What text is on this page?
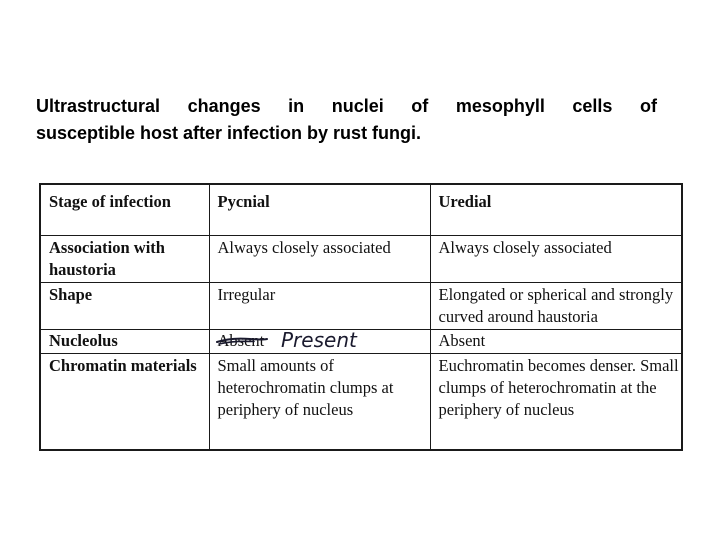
Ultrastructural changes in nuclei of mesophyll cells of
susceptible host after infection by rust fungi.
Stage of infection	Pycnial	Uredial
Association with haustoria	Always closely associated	Always closely associated
Shape	Irregular	Elongated or spherical and strongly curved around haustoria
Nucleolus	Absent Present	Absent
Chromatin materials	Small amounts of heterochromatin clumps at periphery of nucleus	Euchromatin becomes denser. Small clumps of heterochromatin at the periphery of nucleus
